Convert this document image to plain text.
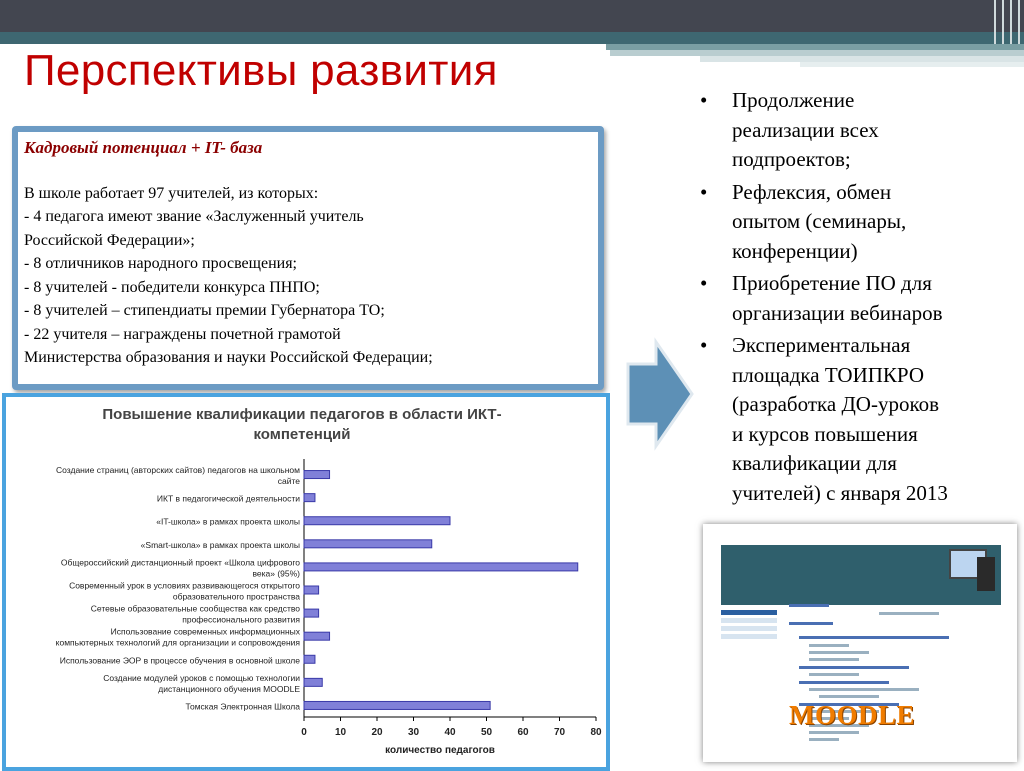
Перспективы развития
Кадровый потенциал + IT- база
В школе работает 97 учителей, из которых:
- 4 педагога имеют звание «Заслуженный учитель
Российской Федерации»;
- 8 отличников народного просвещения;
- 8 учителей - победители конкурса ПНПО;
- 8 учителей – стипендиаты премии Губернатора ТО;
- 22 учителя – награждены почетной грамотой
Министерства образования и науки Российской Федерации;
Повышение квалификации педагогов в области ИКТ-
компетенций
0	10	20	30	40	50	60	70	80
количество педагогов
Создание страниц (авторских сайтов) педагогов на школьном
сайте
ИКТ в педагогической деятельности
«IT-школа» в рамках проекта школы
«Smart-школа» в рамках проекта школы
Общероссийский дистанционный проект «Школа цифрового
века» (95%)
Современный урок в условиях развивающегося открытого
образовательного пространства
Сетевые образовательные сообщества как средство
профессионального развития
Использование современных информационных
компьютерных технологий для организации и сопровождения
Использование ЭОР в процессе обучения в основной школе
Создание модулей уроков с помощью технологии
дистанционного обучения MOODLE
Томская Электронная Школа
• Продолжение
реализации всех
подпроектов;
• Рефлексия, обмен
опытом (семинары,
конференции)
• Приобретение ПО для
организации вебинаров
• Экспериментальная
площадка ТОИПКРО
(разработка ДО-уроков
и курсов повышения
квалификации для
учителей) с января 2013
MOODLE
